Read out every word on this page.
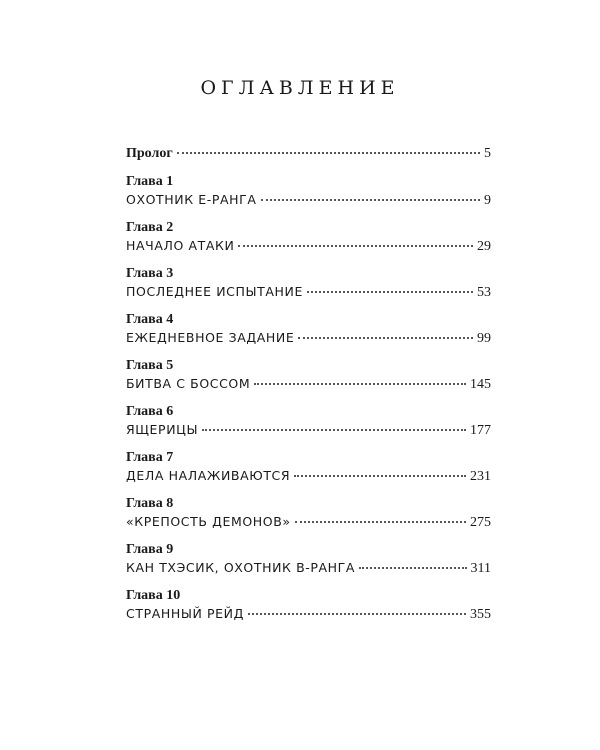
ОГЛАВЛЕНИЕ
Пролог	5
Глава 1
ОХОТНИК Е-РАНГА	9
Глава 2
НАЧАЛО АТАКИ	29
Глава 3
ПОСЛЕДНЕЕ ИСПЫТАНИЕ	53
Глава 4
ЕЖЕДНЕВНОЕ ЗАДАНИЕ	99
Глава 5
БИТВА С БОССОМ	145
Глава 6
ЯЩЕРИЦЫ	177
Глава 7
ДЕЛА НАЛАЖИВАЮТСЯ	231
Глава 8
«КРЕПОСТЬ ДЕМОНОВ»	275
Глава 9
КАН ТХЭСИК, ОХОТНИК В-РАНГА	311
Глава 10
СТРАННЫЙ РЕЙД	355
